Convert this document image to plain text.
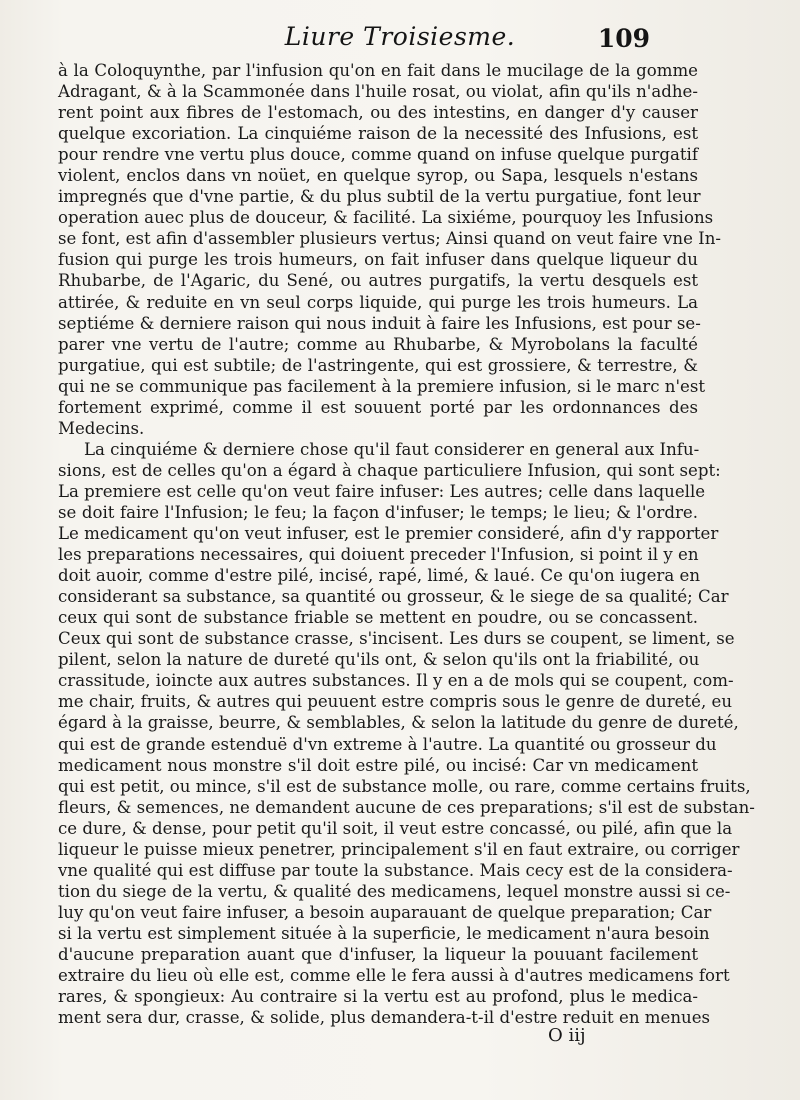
Liure Troisiesme.	109
à la Coloquynthe, par l'infusion qu'on en fait dans le mucilage de la gomme
Adragant, & à la Scammonée dans l'huile rosat, ou violat, afin qu'ils n'adhe-
rent point aux fibres de l'estomach, ou des intestins, en danger d'y causer
quelque excoriation. La cinquiéme raison de la necessité des Infusions, est
pour rendre vne vertu plus douce, comme quand on infuse quelque purgatif
violent, enclos dans vn noüet, en quelque syrop, ou Sapa, lesquels n'estans
impregnés que d'vne partie, & du plus subtil de la vertu purgatiue, font leur
operation auec plus de douceur, & facilité. La sixiéme, pourquoy les Infusions
se font, est afin d'assembler plusieurs vertus; Ainsi quand on veut faire vne In-
fusion qui purge les trois humeurs, on fait infuser dans quelque liqueur du
Rhubarbe, de l'Agaric, du Sené, ou autres purgatifs, la vertu desquels est
attirée, & reduite en vn seul corps liquide, qui purge les trois humeurs. La
septiéme & derniere raison qui nous induit à faire les Infusions, est pour se-
parer vne vertu de l'autre; comme au Rhubarbe, & Myrobolans la faculté
purgatiue, qui est subtile; de l'astringente, qui est grossiere, & terrestre, &
qui ne se communique pas facilement à la premiere infusion, si le marc n'est
fortement exprimé, comme il est souuent porté par les ordonnances des
Medecins.
La cinquiéme & derniere chose qu'il faut considerer en general aux Infu-
sions, est de celles qu'on a égard à chaque particuliere Infusion, qui sont sept:
La premiere est celle qu'on veut faire infuser: Les autres; celle dans laquelle
se doit faire l'Infusion; le feu; la façon d'infuser; le temps; le lieu; & l'ordre.
Le medicament qu'on veut infuser, est le premier consideré, afin d'y rapporter
les preparations necessaires, qui doiuent preceder l'Infusion, si point il y en
doit auoir, comme d'estre pilé, incisé, rapé, limé, & laué. Ce qu'on iugera en
considerant sa substance, sa quantité ou grosseur, & le siege de sa qualité; Car
ceux qui sont de substance friable se mettent en poudre, ou se concassent.
Ceux qui sont de substance crasse, s'incisent. Les durs se coupent, se liment, se
pilent, selon la nature de dureté qu'ils ont, & selon qu'ils ont la friabilité, ou
crassitude, ioincte aux autres substances. Il y en a de mols qui se coupent, com-
me chair, fruits, & autres qui peuuent estre compris sous le genre de dureté, eu
égard à la graisse, beurre, & semblables, & selon la latitude du genre de dureté,
qui est de grande estenduë d'vn extreme à l'autre. La quantité ou grosseur du
medicament nous monstre s'il doit estre pilé, ou incisé: Car vn medicament
qui est petit, ou mince, s'il est de substance molle, ou rare, comme certains fruits,
fleurs, & semences, ne demandent aucune de ces preparations; s'il est de substan-
ce dure, & dense, pour petit qu'il soit, il veut estre concassé, ou pilé, afin que la
liqueur le puisse mieux penetrer, principalement s'il en faut extraire, ou corriger
vne qualité qui est diffuse par toute la substance. Mais cecy est de la considera-
tion du siege de la vertu, & qualité des medicamens, lequel monstre aussi si ce-
luy qu'on veut faire infuser, a besoin auparauant de quelque preparation; Car
si la vertu est simplement située à la superficie, le medicament n'aura besoin
d'aucune preparation auant que d'infuser, la liqueur la pouuant facilement
extraire du lieu où elle est, comme elle le fera aussi à d'autres medicamens fort
rares, & spongieux: Au contraire si la vertu est au profond, plus le medica-
ment sera dur, crasse, & solide, plus demandera-t-il d'estre reduit en menues
O iij
